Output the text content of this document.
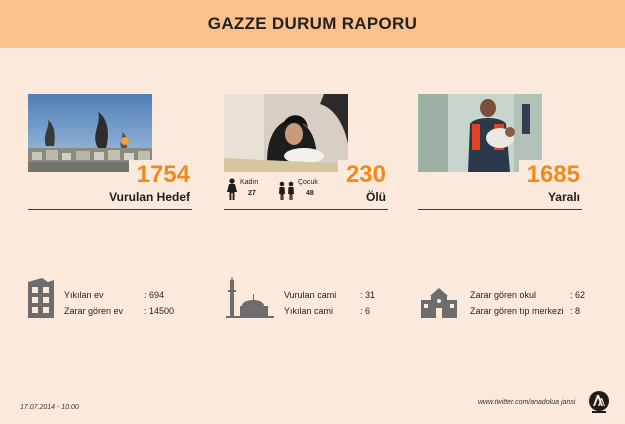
GAZZE DURUM RAPORU
1754
Vurulan Hedef
Kadın
27
Çocuk
48
230
Ölü
1685
Yaralı
Yıkılan ev	: 694
Zarar gören ev : 14500
Vurulan cami	: 31
Yıkılan cami	: 6
Zarar gören okul	: 62
Zarar gören tıp merkezi : 8
17.07.2014 - 10:00
www.twitter.com/anadolua jansi
